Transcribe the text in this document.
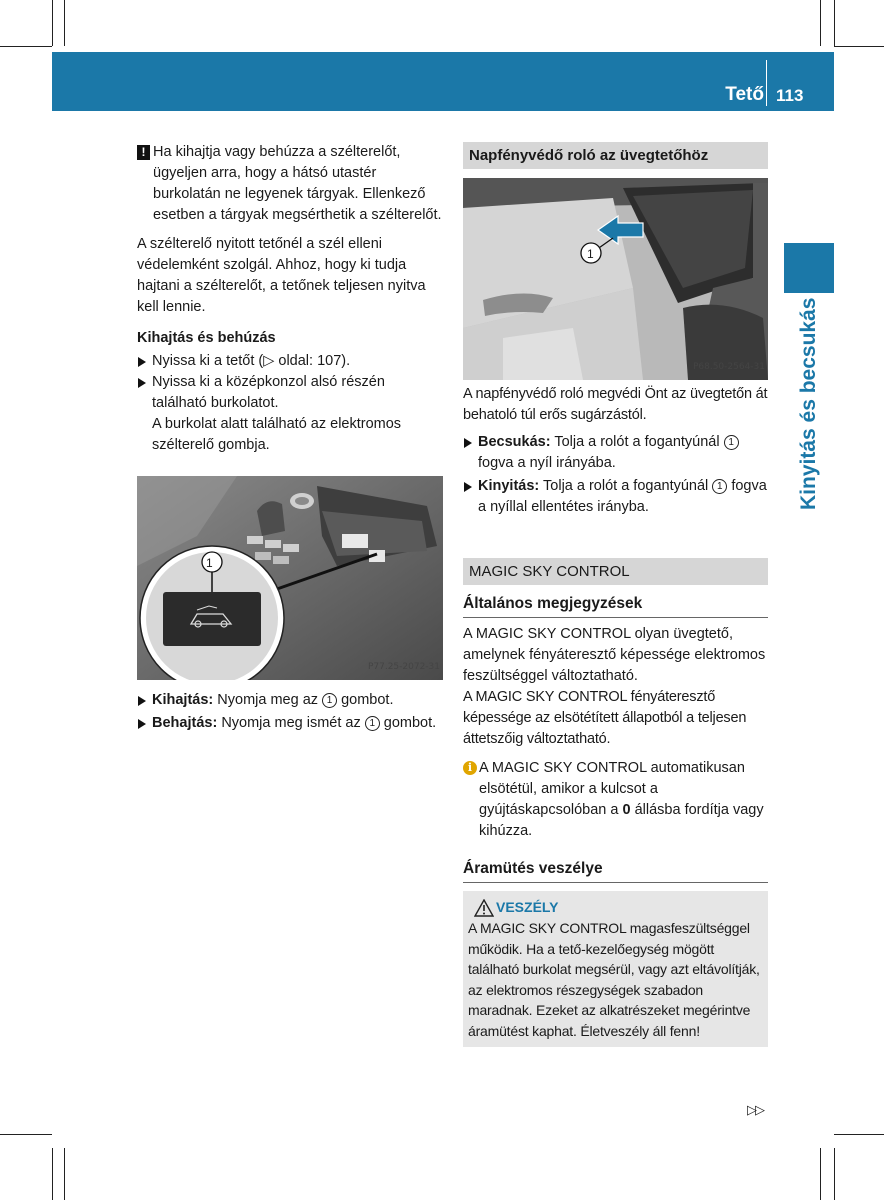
Tető 113
Kinyitás és becsukás

! Ha kihajtja vagy behúzza a szélterelőt, ügyeljen arra, hogy a hátsó utastér burkolatán ne legyenek tárgyak. Ellenkező esetben a tárgyak megsérthetik a szélterelőt.

A szélterelő nyitott tetőnél a szél elleni védelemként szolgál. Ahhoz, hogy ki tudja hajtani a szélterelőt, a tetőnek teljesen nyitva kell lennie.

Kihajtás és behúzás

Nyissa ki a tetőt (▷ oldal: 107).

Nyissa ki a középkonzol alsó részén található burkolatot.
A burkolat alatt található az elektromos szélterelő gombja.

1
P77.25-2072-31

Kihajtás: Nyomja meg az 1 gombot.

Behajtás: Nyomja meg ismét az 1 gombot.

Napfényvédő roló az üvegtetőhöz
1
P68.50-2564-31

A napfényvédő roló megvédi Önt az üvegtetőn át behatoló túl erős sugárzástól.

Becsukás: Tolja a rolót a fogantyúnál 1 fogva a nyíl irányába.

Kinyitás: Tolja a rolót a fogantyúnál 1 fogva a nyíllal ellentétes irányba.

MAGIC SKY CONTROL
Általános megjegyzések

A MAGIC SKY CONTROL olyan üvegtető, amelynek fényáteresztő képessége elektromos feszültséggel változtatható.

A MAGIC SKY CONTROL fényáteresztő képessége az elsötétített állapotból a teljesen áttetszőig változtatható.

i A MAGIC SKY CONTROL automatikusan elsötétül, amikor a kulcsot a gyújtáskapcsolóban a 0 állásba fordítja vagy kihúzza.

Áramütés veszélye
VESZÉLY

A MAGIC SKY CONTROL magasfeszültséggel működik. Ha a tető-kezelőegység mögött található burkolat megsérül, vagy azt eltávolítják, az elektromos részegységek szabadon maradnak. Ezeket az alkatrészeket megérintve áramütést kaphat. Életveszély áll fenn!

▷▷
